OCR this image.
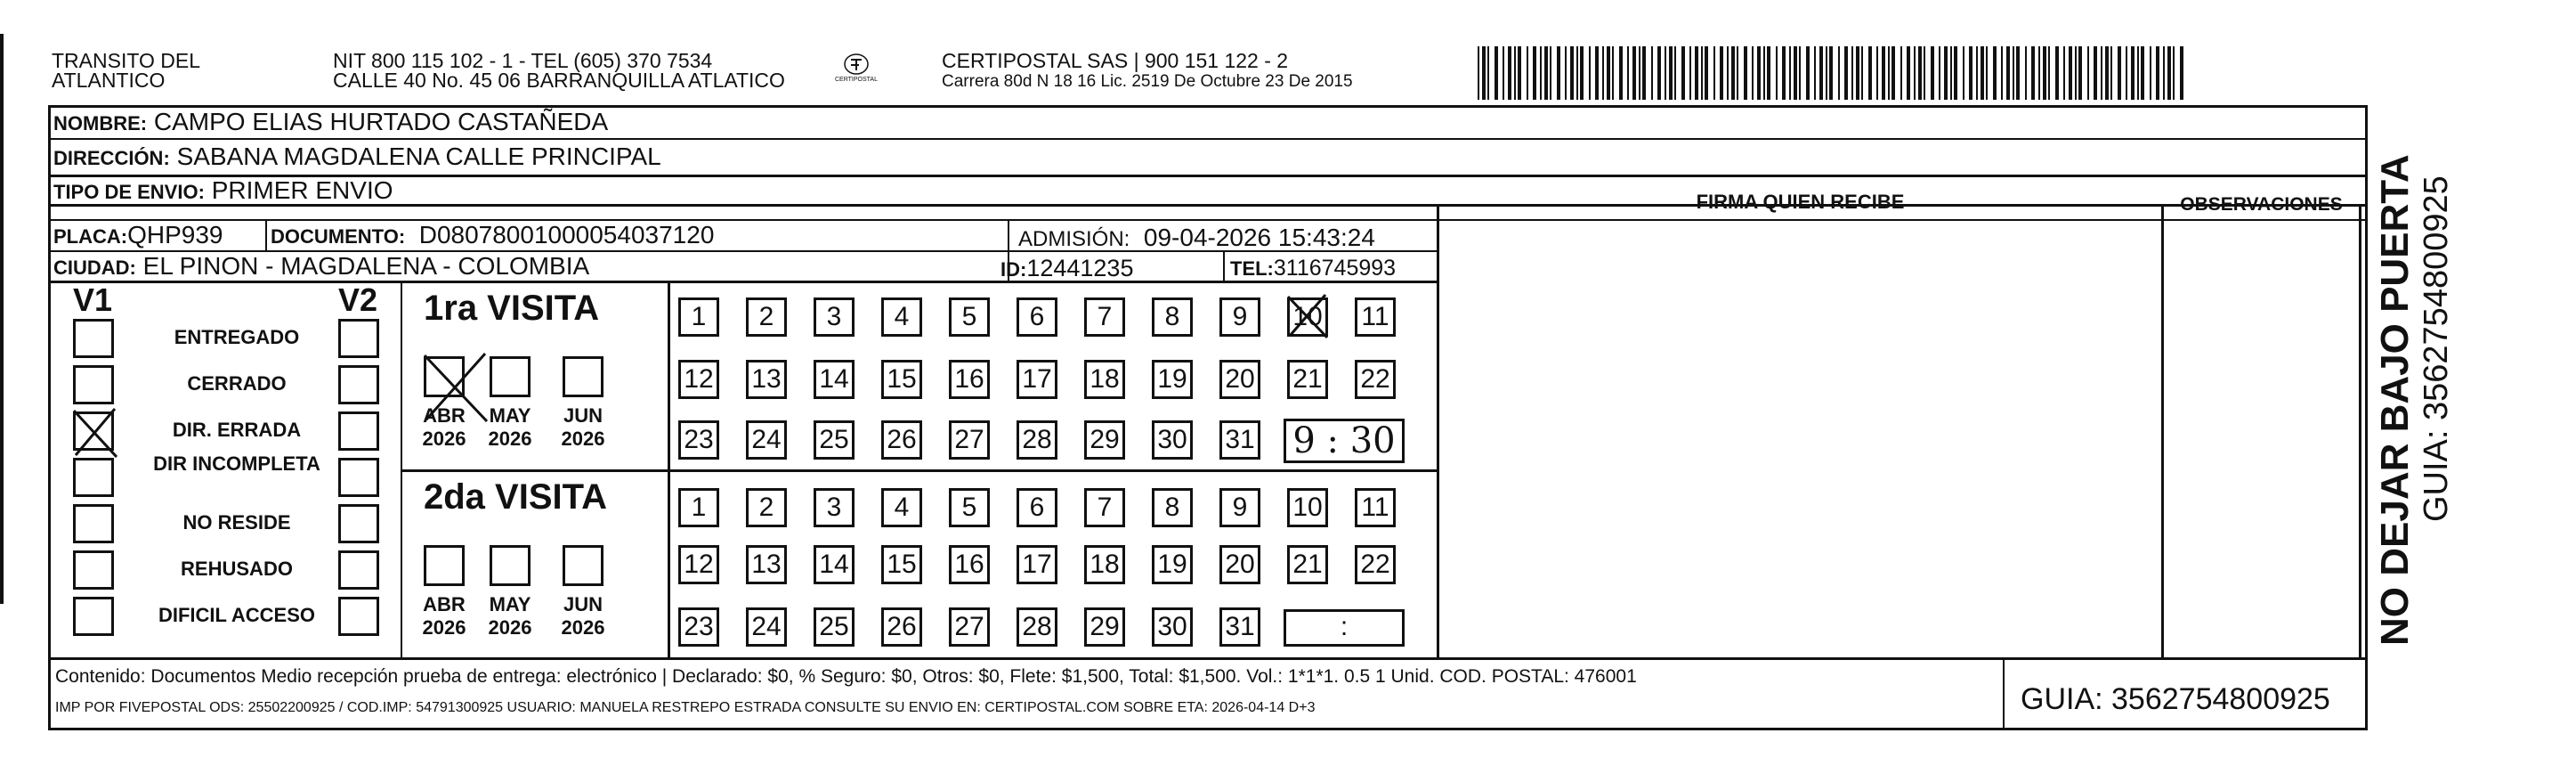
TRANSITO DEL
ATLANTICO
NIT 800 115 102 - 1 - TEL (605) 370 7534
CALLE 40 No. 45 06 BARRANQUILLA ATLATICO	CERTIPOSTAL
CERTIPOSTAL SAS | 900 151 122 - 2
Carrera 80d N 18 16 Lic. 2519 De Octubre 23 De 2015
NOMBRE: CAMPO ELIAS HURTADO CASTAÑEDA
DIRECCIÓN: SABANA MAGDALENA CALLE PRINCIPAL
TIPO DE ENVIO: PRIMER ENVIO
PLACA:QHP939 DOCUMENTO: D08078001000054037120	ADMISIÓN: 09-04-2026 15:43:24
CIUDAD: EL PINON - MAGDALENA - COLOMBIA	ID:12441235	TEL:3116745993
FIRMA QUIEN RECIBE	OBSERVACIONES
V1	V2
ENTREGADO
CERRADO
DIR. ERRADA
DIR INCOMPLETA
NO RESIDE
REHUSADO
DIFICIL ACCESO
1ra VISITA
ABR
2026
MAY
2026
JUN
2026
1	2	3	4	5	6	7	8	9	10 11
12 13 14 15 16 17 18 19 20 21 22
23 24 25 26 27 28 29 30 31 9 : 30
2da VISITA
ABR
2026
MAY
2026
JUN
2026
1	2	3	4	5	6	7	8	9	10 11
12 13 14 15 16 17 18 19 20 21 22
23 24 25 26 27 28 29 30 31	:
Contenido: Documentos Medio recepción prueba de entrega: electrónico | Declarado: $0, % Seguro: $0, Otros: $0, Flete: $1,500, Total: $1,500. Vol.: 1*1*1. 0.5 1 Unid. COD. POSTAL: 476001
IMP POR FIVEPOSTAL ODS: 25502200925 / COD.IMP: 54791300925 USUARIO: MANUELA RESTREPO ESTRADA CONSULTE SU ENVIO EN: CERTIPOSTAL.COM SOBRE ETA: 2026-04-14 D+3	GUIA: 3562754800925
NO DEJAR BAJO PUERTA GUIA: 3562754800925
